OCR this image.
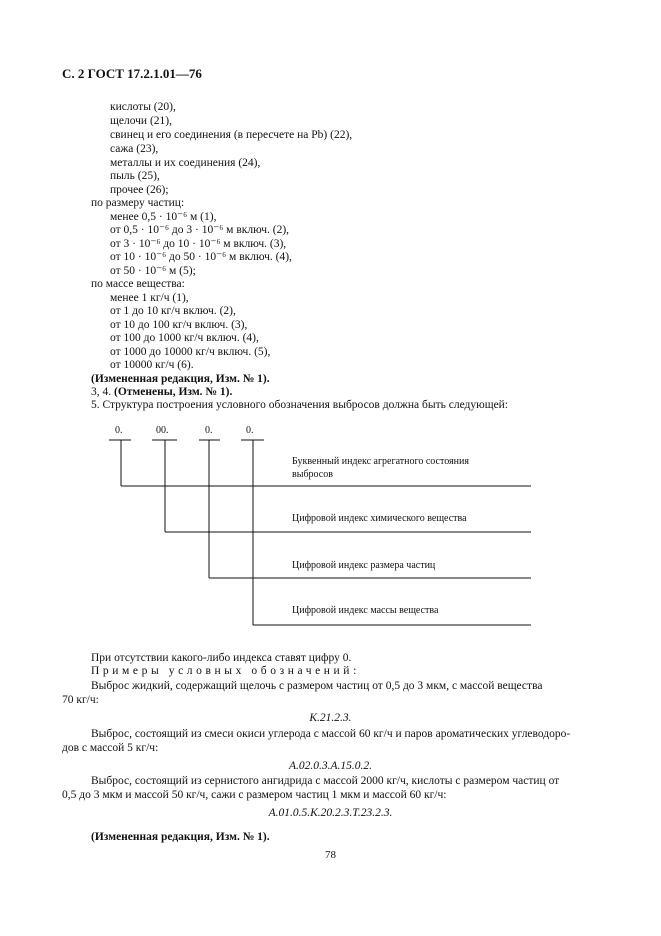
С. 2 ГОСТ 17.2.1.01—76
кислоты (20),
щелочи (21),
свинец и его соединения (в пересчете на Pb) (22),
сажа (23),
металлы и их соединения (24),
пыль (25),
прочее (26);
по размеру частиц:
менее 0,5 · 10⁻⁶ м (1),
от 0,5 · 10⁻⁶ до 3 · 10⁻⁶ м включ. (2),
от 3 · 10⁻⁶ до 10 · 10⁻⁶ м включ. (3),
от 10 · 10⁻⁶ до 50 · 10⁻⁶ м включ. (4),
от 50 · 10⁻⁶ м (5);
по массе вещества:
менее 1 кг/ч (1),
от 1 до 10 кг/ч включ. (2),
от 10 до 100 кг/ч включ. (3),
от 100 до 1000 кг/ч включ. (4),
от 1000 до 10000 кг/ч включ. (5),
от 10000 кг/ч (6).
(Измененная редакция, Изм. № 1).
3, 4. (Отменены, Изм. № 1).
5. Структура построения условного обозначения выбросов должна быть следующей:
При отсутствии какого-либо индекса ставят цифру 0.
Примеры условных обозначений:
Выброс жидкий, содержащий щелочь с размером частиц от 0,5 до 3 мкм, с массой вещества
70 кг/ч:
К.21.2.3.
Выброс, состоящий из смеси окиси углерода с массой 60 кг/ч и паров ароматических углеводоро-
дов с массой 5 кг/ч:
А.02.0.3.А.15.0.2.
Выброс, состоящий из сернистого ангидрида с массой 2000 кг/ч, кислоты с размером частиц от
0,5 до 3 мкм и массой 50 кг/ч, сажи с размером частиц 1 мкм и массой 60 кг/ч:
А.01.0.5.К.20.2.3.Т.23.2.3.
(Измененная редакция, Изм. № 1).
0.	00.	0.	0.
Буквенный индекс агрегатного состояния
выбросов
Цифровой индекс химического вещества
Цифровой индекс размера частиц
Цифровой индекс массы вещества
78
